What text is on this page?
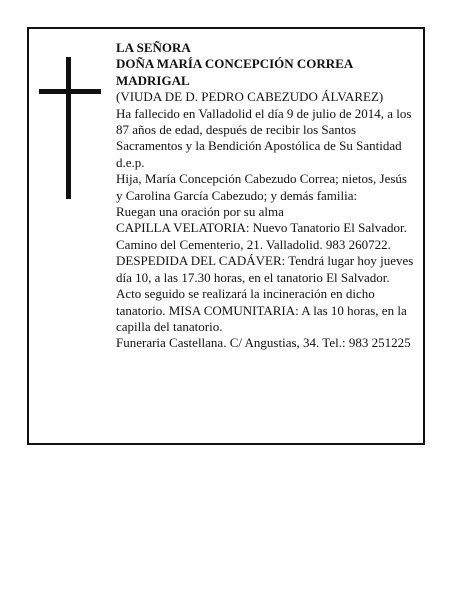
LA SEÑORA

DOÑA MARÍA CONCEPCIÓN CORREA MADRIGAL

(VIUDA DE D. PEDRO CABEZUDO ÁLVAREZ)

Ha fallecido en Valladolid el día 9 de julio de 2014, a los 87 años de edad, después de recibir los Santos Sacramentos y la Bendición Apostólica de Su Santidad

d.e.p.

Hija, María Concepción Cabezudo Correa; nietos, Jesús y Carolina García Cabezudo; y demás familia:

Ruegan una oración por su alma

CAPILLA VELATORIA: Nuevo Tanatorio El Salvador. Camino del Cementerio, 21. Valladolid. 983 260722.

DESPEDIDA DEL CADÁVER: Tendrá lugar hoy jueves día 10, a las 17.30 horas, en el tanatorio El Salvador. Acto seguido se realizará la incineración en dicho tanatorio. MISA COMUNITARIA: A las 10 horas, en la capilla del tanatorio.

Funeraria Castellana. C/ Angustias, 34. Tel.: 983 251225
